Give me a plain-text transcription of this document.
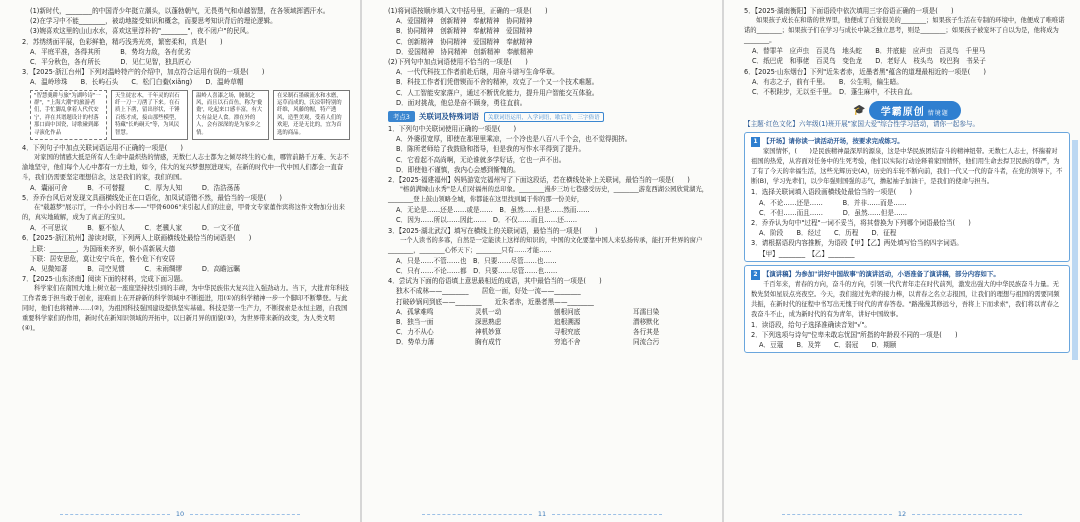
(1)新时代，________的中国青少年挺立潮头，以蓬勃朝气，无畏勇气和卓越智慧，在各领域挥洒汗水。
(2)在学习中不能________，被动地接受知识和概念，而要思考知识背后的理论逻辑。
(3)婉喜欢这里的山山水水，喜欢这里淳朴的"________"，夜不闭户"的民风。
2．苏绣绣面平展，色彩鲜艳，精巧浅秀光亮，繁密柔和，真是(　　)
A．平庭平准，各得其所　　　B．势均力敌，各有优劣
C．平分秋色，各有所长　　　D．见仁见智，独具匠心
3．【2025·浙江台州】下列对温岭特产的介绍中，加点符合运用有误的一项是(　　)
A．温岭珍珠　　B．长屿石头　　C．松门白鲞(xiǎng)　　D．温岭草帽
"智慧羹耕与旅"为湖吟诗"一群"，"上海大潮"的旅游者们，手忙脚乱拿着人代代安宁，祥在其谱题设计的村落那口面中国瓷，诗歌碰到鄙寻演化作品
天生徒宏木，千年灵的岩石纤一刀一刀凿了下来。在石质上下凿，留出形状，千锤百炼才成，接山那些模型，特藏"长屿硐天"等，为风民智慧。
温岭人喜漆之场，腌制之风，而且以石首鱼，称为'鲞鲞'，吃起来口感丰富，有大大有益是人食。漂在外的人，会有深深的是为家乡之情。
在采制石墨碳流水和水磨，运草而成的，沃凉带特别的纤维，风藤的帽，特产透风，造型美观，受着人们的欢迎，还是无比的，宜为首选的商品。
4．下列句子中加点关联词语运用不正确的一项是(　　)
对家国的情感大抵是所有人生命中最炽热的情感，无数仁人志士都为之倾尽终生的心血，哪管前路千万难、矢志不渝地坚守，他们每个人心中都有一方土地，如今，伟大的复兴梦想照进现实，在新的时代中一代中国人们都会一直奋斗，我们仍需要坚定理想信念，这是我们的家，我们的国。
A．囊丽可舍　　　B．不可替握　　　C．厚为人知　　　D．浩浩荡荡
5．乔乔台风后对发现文具画横线处正在口语化，加凤试语错不然，最恰当的一项是(　　)
在"载越梦"展示厅，一件小小的日本——"甲骨6006"来引起人们的注意，甲骨文专家董作宾将这件文物加分出来的，真实地破解，成为了真正的宝贝。
A．不可思议　　　B．躯不惊人　　　C．老骥人家　　　D．一文不值
6．【2025·浙江杭州】游读对联，下列两人上联画横线处最恰当的词语是(　　)
上联：________，为国雨来齐岁，帜小喜新展大德
下联：居安思危，莫让安宁兵在，惟小危下有安居
A．见微知著　　　B．司空见惯　　　C．未雨绸缪　　　D．高瞻远瞩
7．【2025·山东济南】阅读下面的材料，完成下面习题。
科学家们在南国大地上树立起一座座坚持扶引到的丰碑，为中华民族伟大复兴注入强劲动力。当下，大批青年科技工作者勇于担当敢于创业，迎难而上在开辟新的科学领域中不断挺进，用(①)的科学精神一步一个脚印不断攀登。与此同时，他们也将精神……(②)，为祖国科技强国建设提供坚实基础。科技是第一生产力，不断探索是永恒主题，自我国重要科学家们的作用，新时代在新知识领域的开拓中，以日新月异的面貌(③)，为世界带来新的改变，为人类文明(④)。
10
(1)将词语按顺序填入文中括号里，正确的一项是(　　)
A．爱国精神　创新精神　奉献精神　协同精神
B．协同精神　创新精神　奉献精神　爱国精神
C．创新精神　协同精神　爱国精神　奉献精神
D．爱国精神　协同精神　创新精神　奉献精神
(2)下列句中加点词语使用不恰当的一项是(　　)
A．一代代科技工作者前赴后继，用奋斗谱写生命华章。
B．科技工作者们凭借锲而不舍的精神，攻克了一个又一个技术难题。
C．人工智能安家落户，通过不断优化能力，提升用户智能交互体验。
D．面对挑战，他总是奋不顾身，勇往直前。
考点3	关联词及特殊词语	关联词语运用，入学词语，歇后语，三字俗语
1．下列句中关联词使用正确的一项是(　　)
A．外婆很宽厚，即使在那里里乘凉，一个冷也是八百八千个会，也不觉得拥挤。
B．陈所老师给了我鼓励和指导，但是我的写作水平得到了提升。
C．它看起不高尚啊，无论谁就多学好话，它也一声不出。
D．即使他不谨慎，我内心会感到惭愧的。
2．【2025·福建福州】妈妈游览完福州写了下面这段话，若在横线处补上关联词，最恰当的一项是(　　)
"榕荫满城山水秀"是人们对福州的总印象。________漫步三坊七巷感受历史，________游览西湖公园欣赏湖光，________登上鼓山领略全城，你都能在这里找到属于你的那一份美好，
A．无论是……还是……或是……　B．虽然……但是……然而……
C．因为……所以……因此……　D．不仅……而且……还……
3．【2025·湖北武汉】填写在横线上的关联词语，最恰当的一项是(　　)
一个人读书的多寡，自然是一定能读上这样的知识的，中国的文化要靠中国人来弘扬传承，能打开世界的窗户________，________心怀天下；________只有……才能……
A．只是……不管……也　B．只要……尽管……也……
C．只有……不论……都　D．只要……尽管……也……
4．尝试为下面的俗语填上意思最相近的成语，其中最恰当的一项是(　　)
独木不成林——________　　居危一面，好处一流——________
打破砂锅问到底——________　　近朱者赤，近墨者黑——________
A．孤掌难鸣	灵机一动	刨根问底	耳濡目染
B．独当一面	深思熟虑	追根溯源	潜移默化
C．力不从心	神机妙算	寻根究底	各行其是
D．势单力薄	胸有成竹	穷追不舍	同流合污
11
5．【2025·湖南衡阳】下面语段中依次填用三字俗语正确的一项是(　　)
如果孩子成长在和谐的世界里，他便成了自觉很美的________；如果孩子生活在专制的环境中，他便成了唯唯诺诺的________；如果孩子们在学习与成长中缺乏独立思考，则是________；如果孩子被宠坏了自以为是，他将成为________。
A．替罪羊　应声虫　百灵鸟　地头蛇　　B．井底蛙　应声虫　百灵鸟　千里马
C．纸巴虎　和事佬　百灵鸟　变色龙　　D．老好人　枝头鸟　咬巴狗　书呆子
6．【2025·山东烟台】下列"近朱者赤，近墨者黑"蕴含的道理最相近的一项是(　　)
A．有志之子，前有千里。　　B．公生明，偏生暗。
C．不积跬步，无以至千里。　D．蓬生麻中，不扶自直。
🎓	学霸原创 情境题
【主题·红色文化】六年级(1)班开展"家国大爱"综合性学习活动，请你一起参与。
1 【开场】请你读一读活动开场，按要求完成练习。
家国情怀，(　　)是民族精神最深厚的源泉，这是中华民族团结奋斗的精神纽带。无数仁人志士，怀揣着对祖国的热爱，从容面对任务中的生死考验，他们以实际行动诠释着家国情怀，他们用生命去捍卫民族的尊严，为了有了今天的幸福生活，这些光辉历史(A)，历史的车轮不断向前，我们一代又一代的奋斗者，在党的领导下，不断(B)，学习先辈们，以少年强则国强的志气，撸起袖子加油干，是我们的使命与担当。
1．选择关联词填入语段画横线处最恰当的一项是(　　)
A．不论……还是……　　　B．并非……而是……
C．不但……而且……　　　D．虽然……但是……
2．乔乔认为句中"过程"一词不妥当，将其替换为下列哪个词语最恰当(　　)
A．阶段　　B．经过　　C．历程　　D．征程
3．请根据语段内容推断，为语段【甲】【乙】两处填写恰当的四字词语。
【甲】________　【乙】________
2 【演讲稿】为参加"讲好中国故事"的演讲活动，小语准备了演讲稿，部分内容如下。
千百年来，青春的方向，奋斗的方向，引领一代代青年走在时代前列，激发出强大的中华民族奋斗力量。无数先贤如星辰点亮夜空。今天，我们接过先辈的接力棒，以青春之名立志报国，让我们的理想与祖国的需要同频共振，在新时代的征程中书写出无愧于时代的青春答卷。"路漫漫其修远兮，吾将上下而求索"，我们将以青春之我奋斗不止，成为新时代的有为青年，讲好中国故事。
1．读语段，给句子选择准确读音划"√"。
2．下列选项与诗句"位卑未敢忘忧国"所指的年龄段不同的一项是(　　)
A．豆蔻　　B．及笄　　C．弱冠　　D．期颐
12
